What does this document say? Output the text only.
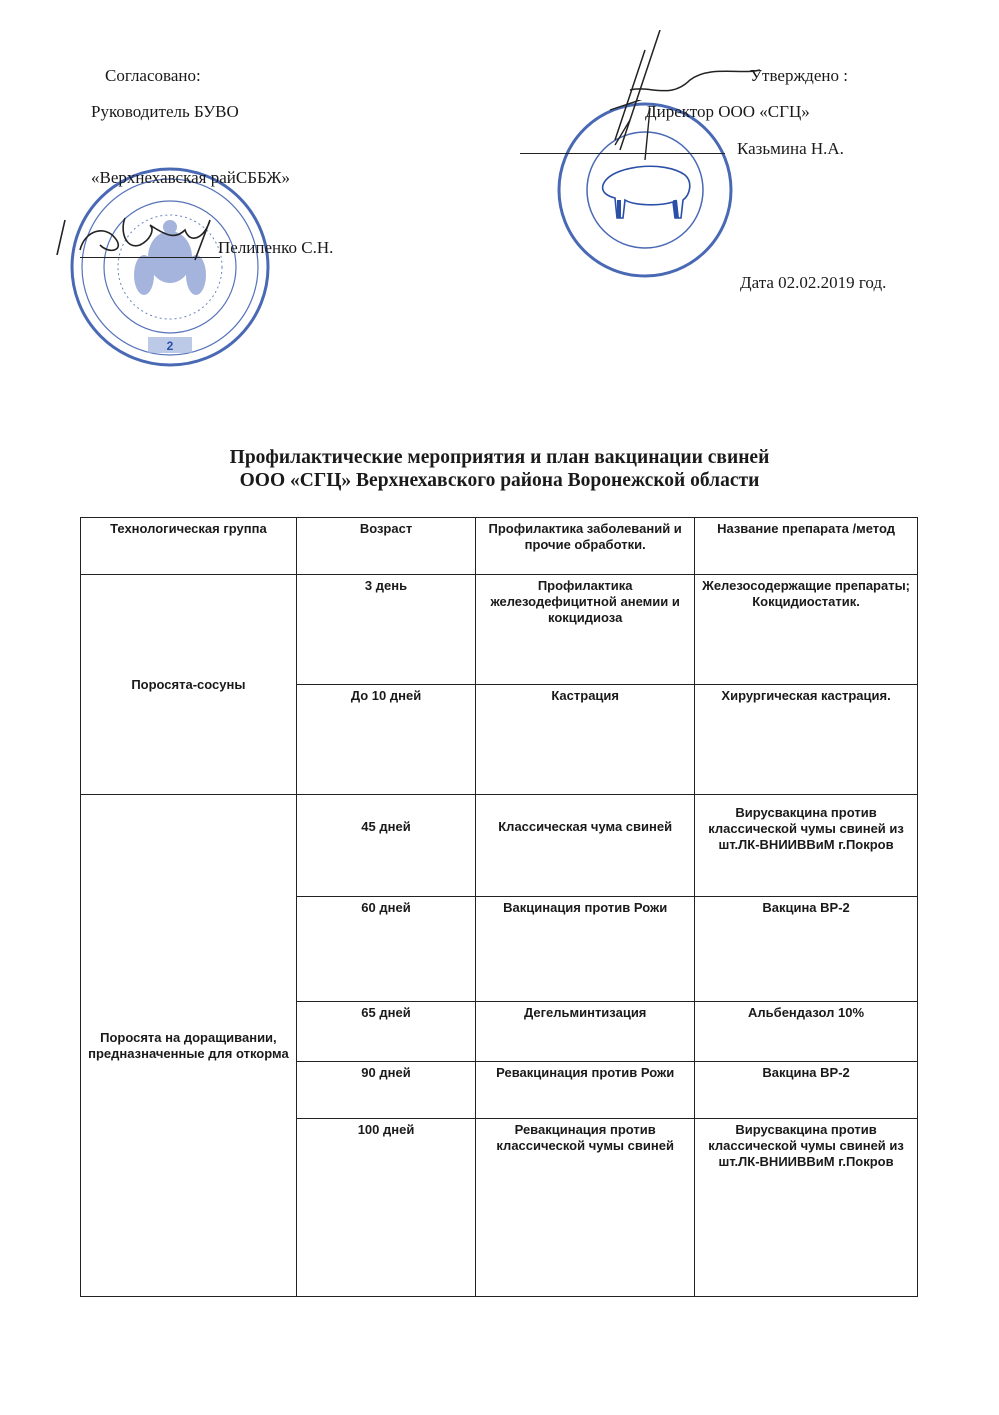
Согласовано:
Руководитель БУВО
2
«Верхнехавская райСББЖ»
Пелипенко С.Н.
Утверждено :
Директор ООО «СГЦ»
Казьмина Н.А.
Дата 02.02.2019 год.
Профилактические мероприятия и план вакцинации свиней
ООО «СГЦ» Верхнехавского района Воронежской области
Технологическая группа	Возраст	Профилактика заболеваний и прочие обработки.	Название препарата /метод
Поросята-сосуны	3 день	Профилактика железодефицитной анемии и кокцидиоза	Железосодержащие препараты; Кокцидиостатик.
	До 10 дней	Кастрация	Хирургическая кастрация.
Поросята на доращивании, предназначенные для откорма	45 дней	Классическая чума свиней	Вирусвакцина против классической чумы свиней из шт.ЛК-ВНИИВВиМ г.Покров
	60 дней	Вакцинация против Рожи	Вакцина ВР-2
	65 дней	Дегельминтизация	Альбендазол 10%
	90 дней	Ревакцинация против Рожи	Вакцина ВР-2
	100 дней	Ревакцинация против классической чумы свиней	Вирусвакцина против классической чумы свиней из шт.ЛК-ВНИИВВиМ г.Покров
